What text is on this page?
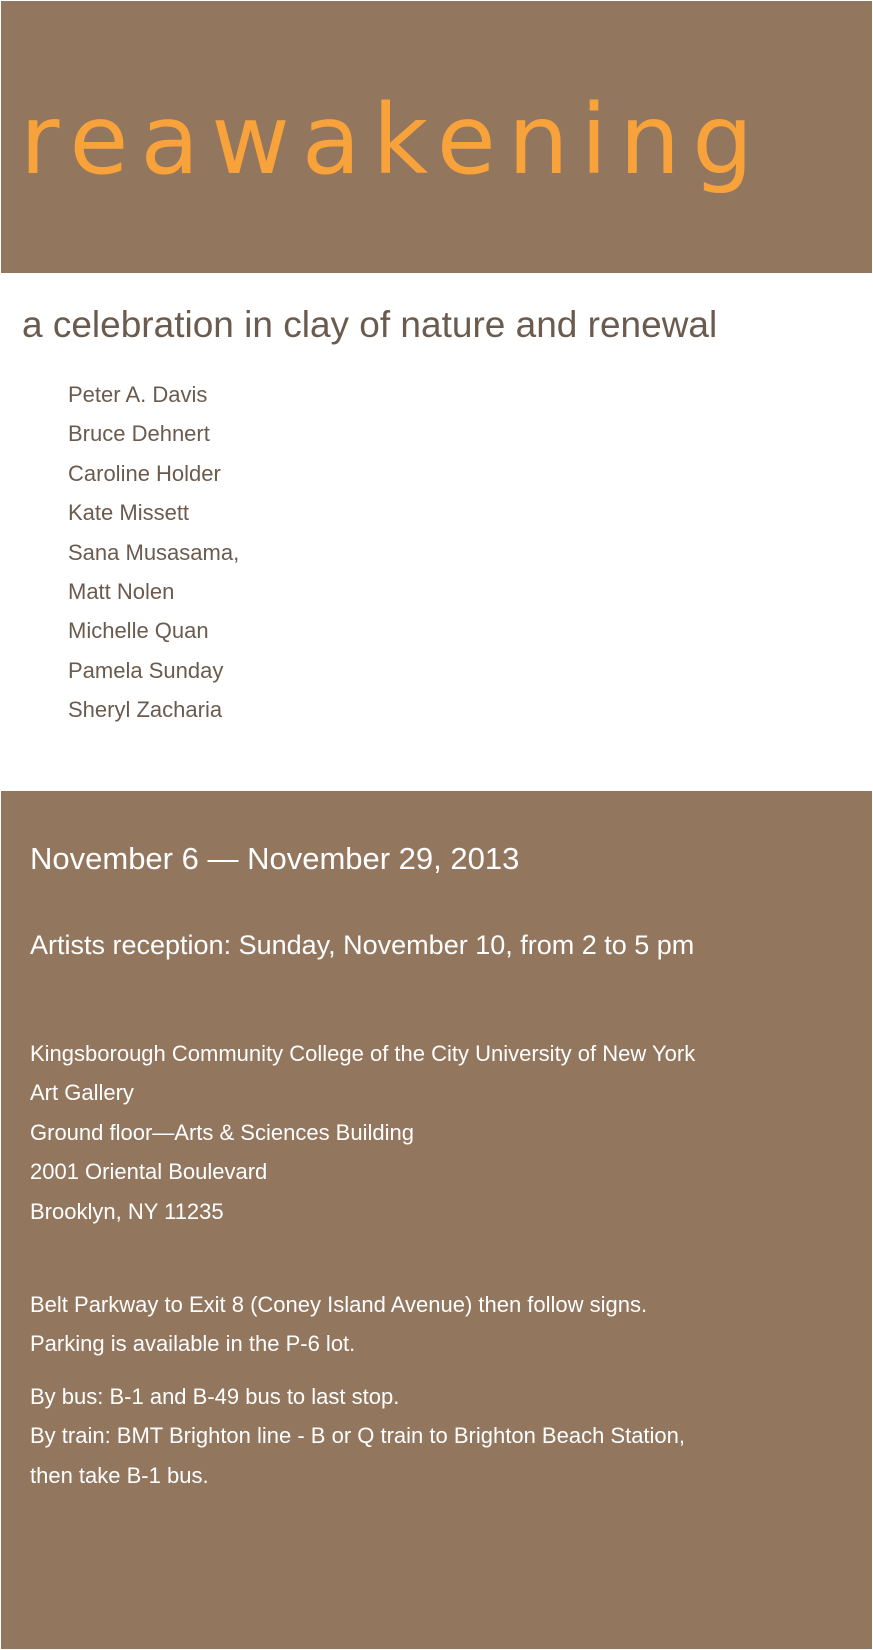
reawakening
a celebration in clay of nature and renewal
Peter A. Davis
Bruce Dehnert
Caroline Holder
Kate Missett
Sana Musasama,
Matt Nolen
Michelle Quan
Pamela Sunday
Sheryl Zacharia

November 6 — November 29, 2013

Artists reception: Sunday, November 10, from 2 to 5 pm

Kingsborough Community College of the City University of New York
Art Gallery
Ground floor—Arts & Sciences Building
2001 Oriental Boulevard
Brooklyn, NY 11235
Belt Parkway to Exit 8 (Coney Island Avenue) then follow signs.
Parking is available in the P-6 lot.
By bus: B-1 and B-49 bus to last stop.
By train: BMT Brighton line - B or Q train to Brighton Beach Station,
then take B-1 bus.
